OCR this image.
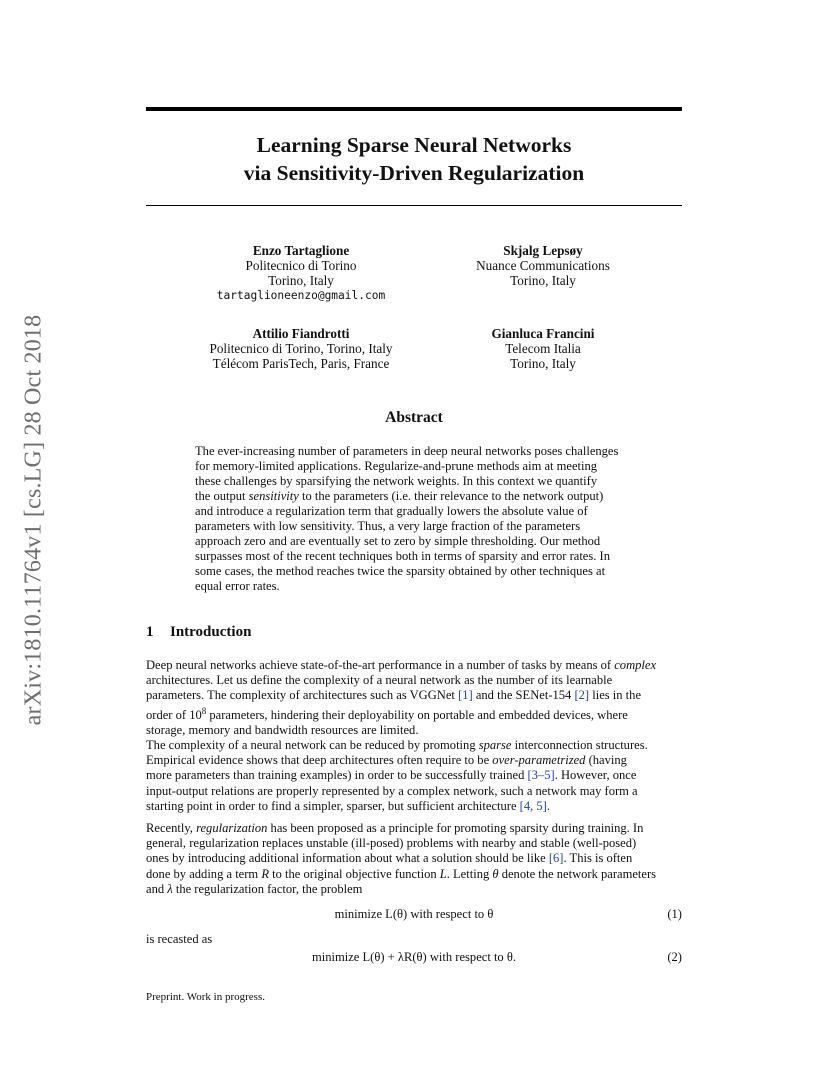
arXiv:1810.11764v1 [cs.LG] 28 Oct 2018
Learning Sparse Neural Networks
via Sensitivity-Driven Regularization
Enzo Tartaglione
Politecnico di Torino
Torino, Italy
tartaglioneenzo@gmail.com
Skjalg Lepsøy
Nuance Communications
Torino, Italy
Attilio Fiandrotti
Politecnico di Torino, Torino, Italy
Télécom ParisTech, Paris, France
Gianluca Francini
Telecom Italia
Torino, Italy
Abstract
The ever-increasing number of parameters in deep neural networks poses challenges
for memory-limited applications. Regularize-and-prune methods aim at meeting
these challenges by sparsifying the network weights. In this context we quantify
the output sensitivity to the parameters (i.e. their relevance to the network output)
and introduce a regularization term that gradually lowers the absolute value of
parameters with low sensitivity. Thus, a very large fraction of the parameters
approach zero and are eventually set to zero by simple thresholding. Our method
surpasses most of the recent techniques both in terms of sparsity and error rates. In
some cases, the method reaches twice the sparsity obtained by other techniques at
equal error rates.
1 Introduction
Deep neural networks achieve state-of-the-art performance in a number of tasks by means of complex
architectures. Let us define the complexity of a neural network as the number of its learnable
parameters. The complexity of architectures such as VGGNet [1] and the SENet-154 [2] lies in the
order of $10^8$ parameters, hindering their deployability on portable and embedded devices, where
storage, memory and bandwidth resources are limited.
The complexity of a neural network can be reduced by promoting sparse interconnection structures.
Empirical evidence shows that deep architectures often require to be over-parametrized (having
more parameters than training examples) in order to be successfully trained [3–5]. However, once
input-output relations are properly represented by a complex network, such a network may form a
starting point in order to find a simpler, sparser, but sufficient architecture [4, 5].
Recently, regularization has been proposed as a principle for promoting sparsity during training. In
general, regularization replaces unstable (ill-posed) problems with nearby and stable (well-posed)
ones by introducing additional information about what a solution should be like [6]. This is often
done by adding a term R to the original objective function L. Letting θ denote the network parameters
and λ the regularization factor, the problem
minimize L(θ) with respect to θ	(1)
is recasted as
minimize L(θ) + λR(θ) with respect to θ.	(2)
Preprint. Work in progress.
